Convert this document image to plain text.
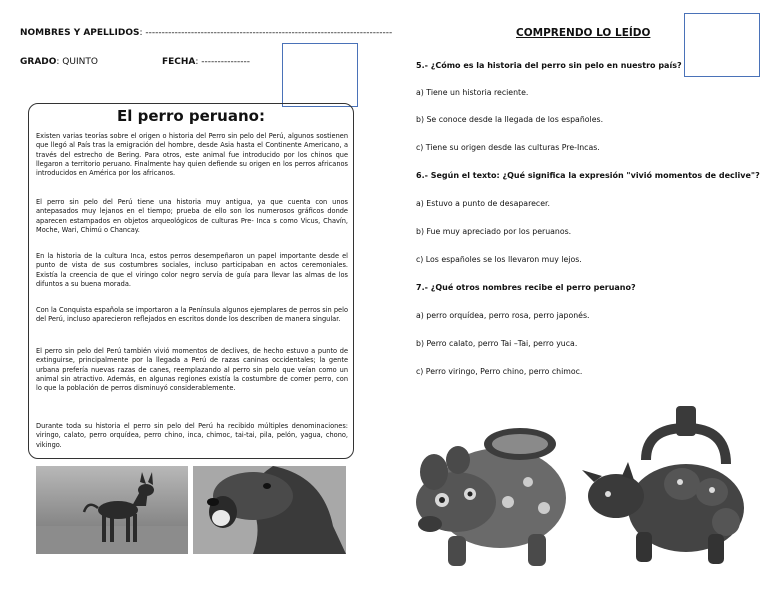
NOMBRES Y APELLIDOS: ----------------------------------------------------------------------------
GRADO: QUINTO	FECHA: ---------------
El perro peruano:
Existen varias teorías sobre el origen o historia del Perro sin pelo del Perú, algunos sostienen que llegó al País tras la emigración del hombre, desde Asia hasta el Continente Americano, a través del estrecho de Bering. Para otros, este animal fue introducido por los chinos que llegaron a territorio peruano. Finalmente hay quien defiende su origen en los perros africanos introducidos en América por los africanos.
El perro sin pelo del Perú tiene una historia muy antigua, ya que cuenta con unos antepasados muy lejanos en el tiempo; prueba de ello son los numerosos gráficos donde aparecen estampados en objetos arqueológicos de culturas Pre- Inca s como Vicus, Chavín, Moche, Wari, Chimú o Chancay.
En la historia de la cultura Inca, estos perros desempeñaron un papel importante desde el punto de vista de sus costumbres sociales, incluso participaban en actos ceremoniales. Existía la creencia de que el viringo color negro servía de guía para llevar las almas de los difuntos a su buena morada.
Con la Conquista española se importaron a la Península algunos ejemplares de perros sin pelo del Perú, incluso aparecieron reflejados en escritos donde los describen de manera singular.
El perro sin pelo del Perú también vivió momentos de declives, de hecho estuvo a punto de extinguirse, principalmente por la llegada a Perú de razas caninas occidentales; la gente urbana prefería nuevas razas de canes, reemplazando al perro sin pelo que veían como un animal sin atractivo. Además, en algunas regiones existía la costumbre de comer perro, con lo que la población de perros disminuyó considerablemente.
Durante toda su historia el perro sin pelo del Perú ha recibido múltiples denominaciones: viringo, calato, perro orquídea, perro chino, inca, chimoc, tai-tai, pila, pelón, yagua, chono, vikingo.
COMPRENDO LO LEÍDO
5.- ¿Cómo es la historia del perro sin pelo en nuestro país?
a) Tiene un historia reciente.
b) Se conoce desde la llegada de los españoles.
c) Tiene su origen desde las culturas Pre-Incas.
6.- Según el texto: ¿Qué significa la expresión "vivió momentos de declive"?
a) Estuvo a punto de desaparecer.
b) Fue muy apreciado por los peruanos.
c) Los españoles se los llevaron muy lejos.
7.- ¿Qué otros nombres recibe el perro peruano?
a) perro orquídea, perro rosa, perro japonés.
b) Perro calato, perro Tai –Tai, perro yuca.
c) Perro viringo, Perro chino, perro chimoc.
